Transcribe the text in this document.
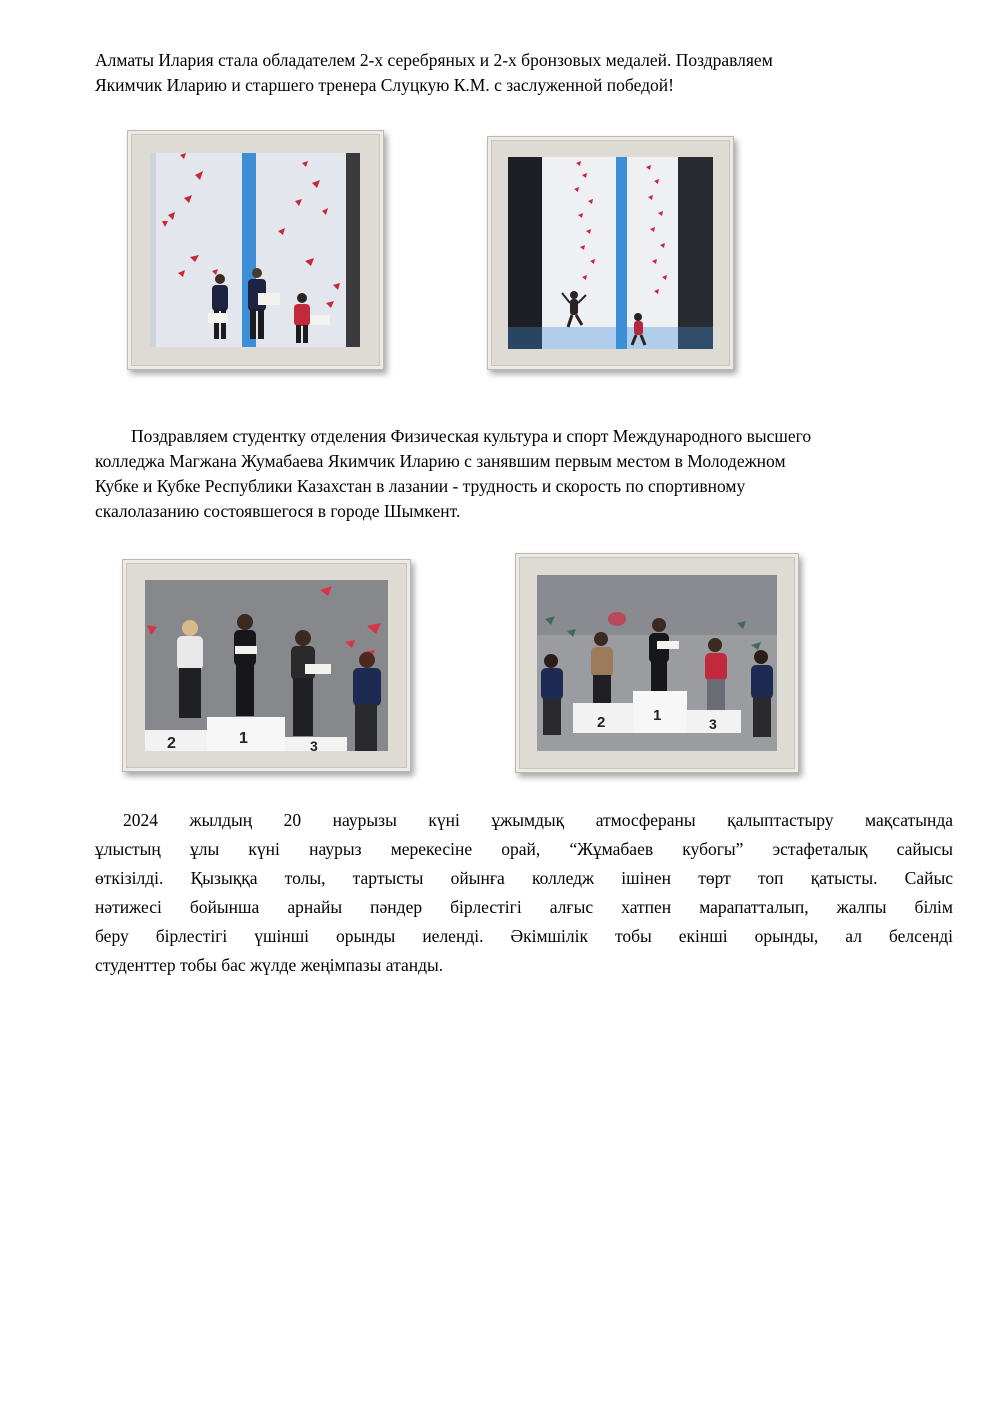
Алматы Илария стала обладателем 2-х серебряных и 2-х бронзовых медалей. Поздравляем
Якимчик Иларию и старшего тренера Слуцкую К.М. с заслуженной победой!
Поздравляем студентку отделения Физическая культура и спорт Международного высшего
колледжа Магжана Жумабаева Якимчик Иларию с занявшим первым местом в Молодежном
Кубке и Кубке Республики Казахстан в лазании - трудность и скорость по спортивному
скалолазанию состоявшегося в городе Шымкент.
2	1	3
2	1	3
2024 жылдың 20 наурызы күні ұжымдық атмосфераны қалыптастыру мақсатында
ұлыстың ұлы күні наурыз мерекесіне орай, “Жұмабаев кубогы” эстафеталық сайысы
өткізілді. Қызыққа толы, тартысты ойынға колледж ішінен төрт топ қатысты. Сайыс
нәтижесі бойынша арнайы пәндер бірлестігі алғыс хатпен марапатталып, жалпы білім
беру бірлестігі үшінші орынды иеленді. Әкімшілік тобы екінші орынды, ал белсенді
студенттер тобы бас жүлде жеңімпазы атанды.
